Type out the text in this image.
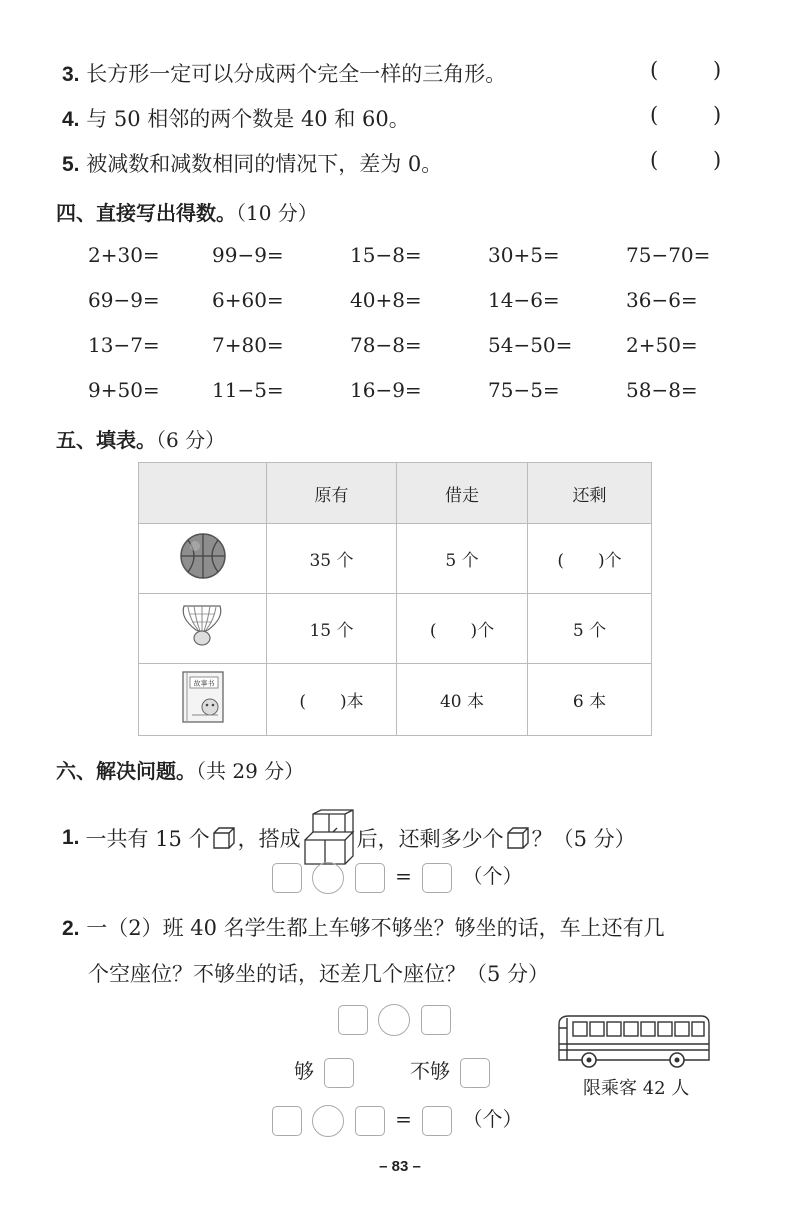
3. 长方形一定可以分成两个完全一样的三角形。	(	)
4. 与 50 相邻的两个数是 40 和 60。	(	)
5. 被减数和减数相同的情况下，差为 0。	(	)
四、直接写出得数。（10 分）
2+30=	99−9=	15−8=	30+5=	75−70=
69−9=	6+60=	40+8=	14−6=	36−6=
13−7=	7+80=	78−8=	54−50=	2+50=
9+50=	11−5=	16−9=	75−5=	58−8=
五、填表。（6 分）
	原有	借走	还剩
	35 个	5 个	(　　)个
	15 个	(　　)个	5 个

故事书	(　　)本	40 本	6 本
六、解决问题。（共 29 分）
1. 一共有 15 个 ，搭成	后，还剩多少个 ？（5 分）
=	（个）
2. 一（2）班 40 名学生都上车够不够坐？够坐的话，车上还有几
个空座位？不够坐的话，还差几个座位？（5 分）

够	不够
=	（个）
限乘客 42 人
– 83 –
